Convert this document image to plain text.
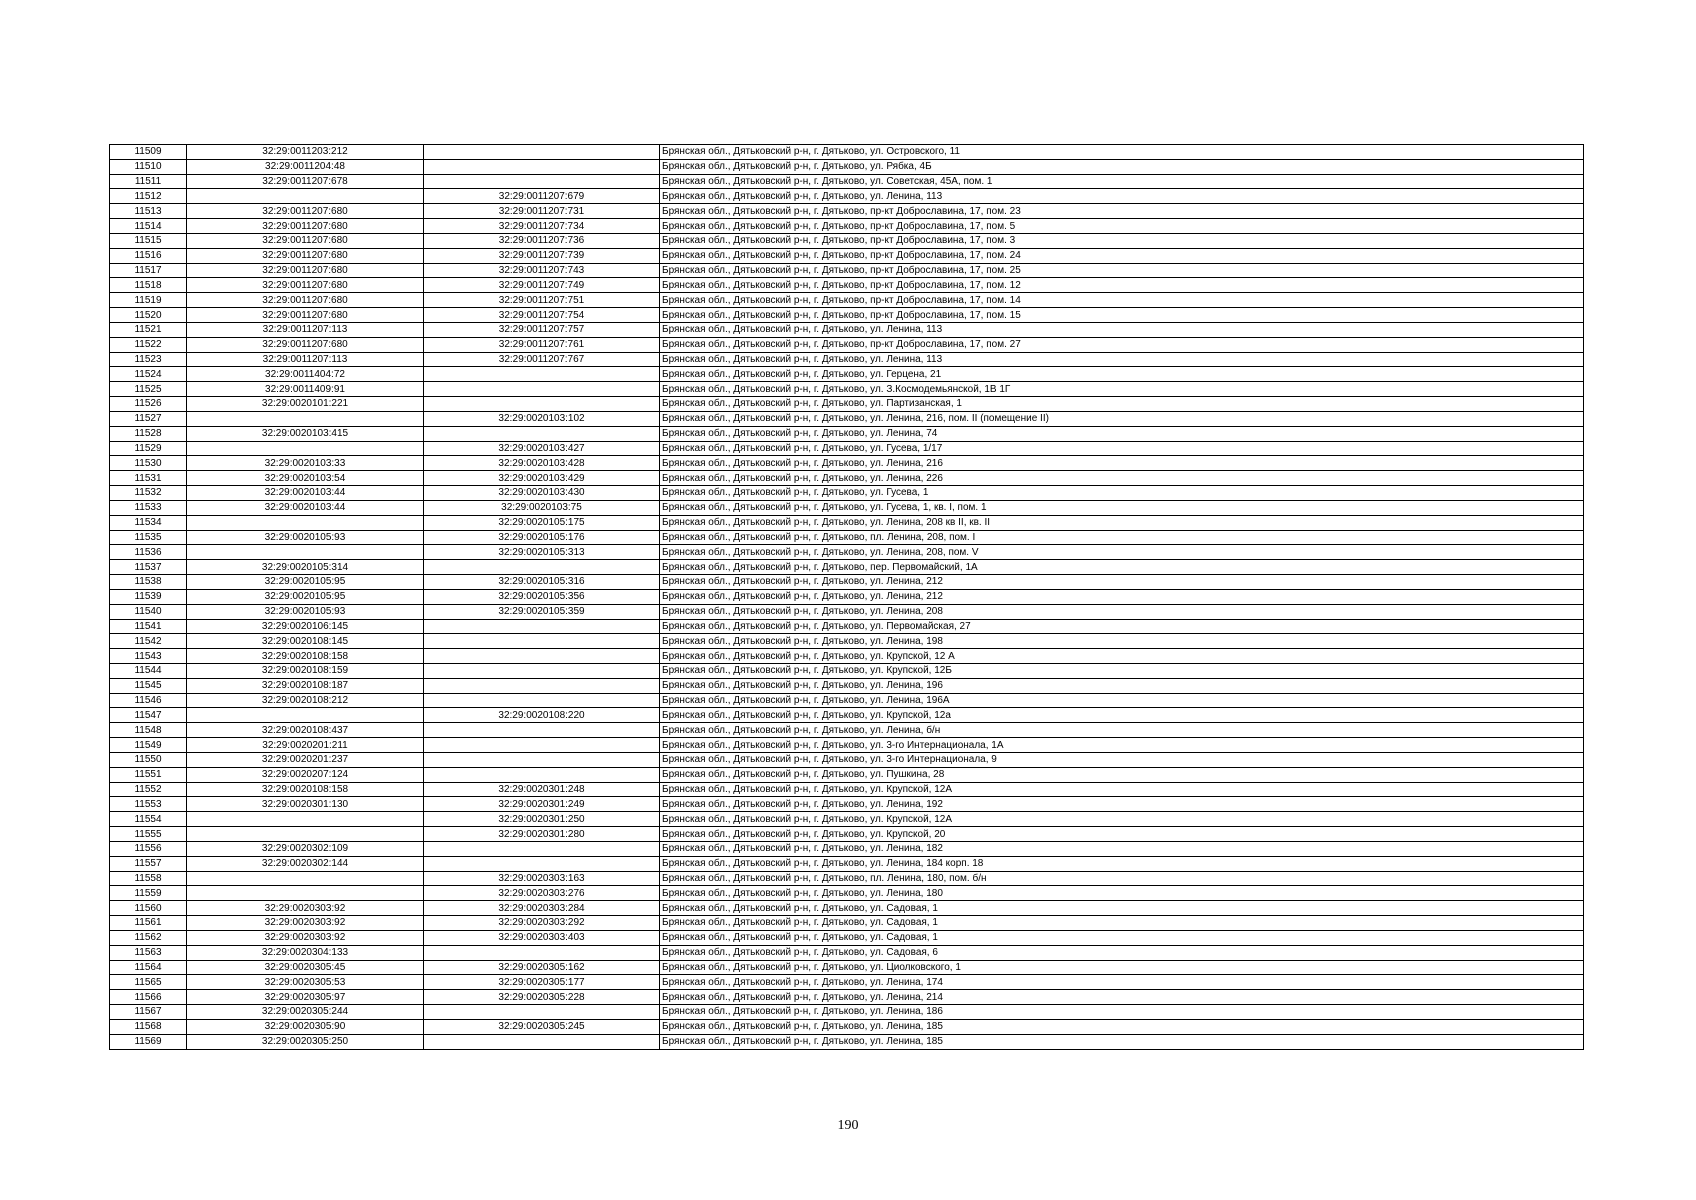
11509	32:29:0011203:212		Брянская обл., Дятьковский р-н, г. Дятьково, ул. Островского, 11
11510	32:29:0011204:48		Брянская обл., Дятьковский р-н, г. Дятьково, ул. Рябка, 4Б
11511	32:29:0011207:678		Брянская обл., Дятьковский р-н, г. Дятьково, ул. Советская, 45А, пом. 1
11512		32:29:0011207:679	Брянская обл., Дятьковский р-н, г. Дятьково, ул. Ленина, 113
11513	32:29:0011207:680	32:29:0011207:731	Брянская обл., Дятьковский р-н, г. Дятьково, пр-кт Доброславина, 17, пом. 23
11514	32:29:0011207:680	32:29:0011207:734	Брянская обл., Дятьковский р-н, г. Дятьково, пр-кт Доброславина, 17, пом. 5
11515	32:29:0011207:680	32:29:0011207:736	Брянская обл., Дятьковский р-н, г. Дятьково, пр-кт Доброславина, 17, пом. 3
11516	32:29:0011207:680	32:29:0011207:739	Брянская обл., Дятьковский р-н, г. Дятьково, пр-кт Доброславина, 17, пом. 24
11517	32:29:0011207:680	32:29:0011207:743	Брянская обл., Дятьковский р-н, г. Дятьково, пр-кт Доброславина, 17, пом. 25
11518	32:29:0011207:680	32:29:0011207:749	Брянская обл., Дятьковский р-н, г. Дятьково, пр-кт Доброславина, 17, пом. 12
11519	32:29:0011207:680	32:29:0011207:751	Брянская обл., Дятьковский р-н, г. Дятьково, пр-кт Доброславина, 17, пом. 14
11520	32:29:0011207:680	32:29:0011207:754	Брянская обл., Дятьковский р-н, г. Дятьково, пр-кт Доброславина, 17, пом. 15
11521	32:29:0011207:113	32:29:0011207:757	Брянская обл., Дятьковский р-н, г. Дятьково, ул. Ленина, 113
11522	32:29:0011207:680	32:29:0011207:761	Брянская обл., Дятьковский р-н, г. Дятьково, пр-кт Доброславина, 17, пом. 27
11523	32:29:0011207:113	32:29:0011207:767	Брянская обл., Дятьковский р-н, г. Дятьково, ул. Ленина, 113
11524	32:29:0011404:72		Брянская обл., Дятьковский р-н, г. Дятьково, ул. Герцена, 21
11525	32:29:0011409:91		Брянская обл., Дятьковский р-н, г. Дятьково, ул. З.Космодемьянской, 1В 1Г
11526	32:29:0020101:221		Брянская обл., Дятьковский р-н, г. Дятьково, ул. Партизанская, 1
11527		32:29:0020103:102	Брянская обл., Дятьковский р-н, г. Дятьково, ул. Ленина, 216, пом. II (помещение II)
11528	32:29:0020103:415		Брянская обл., Дятьковский р-н, г. Дятьково, ул. Ленина, 74
11529		32:29:0020103:427	Брянская обл., Дятьковский р-н, г. Дятьково, ул. Гусева, 1/17
11530	32:29:0020103:33	32:29:0020103:428	Брянская обл., Дятьковский р-н, г. Дятьково, ул. Ленина, 216
11531	32:29:0020103:54	32:29:0020103:429	Брянская обл., Дятьковский р-н, г. Дятьково, ул. Ленина, 226
11532	32:29:0020103:44	32:29:0020103:430	Брянская обл., Дятьковский р-н, г. Дятьково, ул. Гусева, 1
11533	32:29:0020103:44	32:29:0020103:75	Брянская обл., Дятьковский р-н, г. Дятьково, ул. Гусева, 1, кв. I, пом. 1
11534		32:29:0020105:175	Брянская обл., Дятьковский р-н, г. Дятьково, ул. Ленина, 208 кв II, кв. II
11535	32:29:0020105:93	32:29:0020105:176	Брянская обл., Дятьковский р-н, г. Дятьково, пл. Ленина, 208, пом. I
11536		32:29:0020105:313	Брянская обл., Дятьковский р-н, г. Дятьково, ул. Ленина, 208, пом. V
11537	32:29:0020105:314		Брянская обл., Дятьковский р-н, г. Дятьково, пер. Первомайский, 1А
11538	32:29:0020105:95	32:29:0020105:316	Брянская обл., Дятьковский р-н, г. Дятьково, ул. Ленина, 212
11539	32:29:0020105:95	32:29:0020105:356	Брянская обл., Дятьковский р-н, г. Дятьково, ул. Ленина, 212
11540	32:29:0020105:93	32:29:0020105:359	Брянская обл., Дятьковский р-н, г. Дятьково, ул. Ленина, 208
11541	32:29:0020106:145		Брянская обл., Дятьковский р-н, г. Дятьково, ул. Первомайская, 27
11542	32:29:0020108:145		Брянская обл., Дятьковский р-н, г. Дятьково, ул. Ленина, 198
11543	32:29:0020108:158		Брянская обл., Дятьковский р-н, г. Дятьково, ул. Крупской, 12 А
11544	32:29:0020108:159		Брянская обл., Дятьковский р-н, г. Дятьково, ул. Крупской, 12Б
11545	32:29:0020108:187		Брянская обл., Дятьковский р-н, г. Дятьково, ул. Ленина, 196
11546	32:29:0020108:212		Брянская обл., Дятьковский р-н, г. Дятьково, ул. Ленина, 196А
11547		32:29:0020108:220	Брянская обл., Дятьковский р-н, г. Дятьково, ул. Крупской, 12а
11548	32:29:0020108:437		Брянская обл., Дятьковский р-н, г. Дятьково, ул. Ленина, б/н
11549	32:29:0020201:211		Брянская обл., Дятьковский р-н, г. Дятьково, ул. 3-го Интернационала, 1А
11550	32:29:0020201:237		Брянская обл., Дятьковский р-н, г. Дятьково, ул. 3-го Интернационала, 9
11551	32:29:0020207:124		Брянская обл., Дятьковский р-н, г. Дятьково, ул. Пушкина, 28
11552	32:29:0020108:158	32:29:0020301:248	Брянская обл., Дятьковский р-н, г. Дятьково, ул. Крупской, 12А
11553	32:29:0020301:130	32:29:0020301:249	Брянская обл., Дятьковский р-н, г. Дятьково, ул. Ленина, 192
11554		32:29:0020301:250	Брянская обл., Дятьковский р-н, г. Дятьково, ул. Крупской, 12А
11555		32:29:0020301:280	Брянская обл., Дятьковский р-н, г. Дятьково, ул. Крупской, 20
11556	32:29:0020302:109		Брянская обл., Дятьковский р-н, г. Дятьково, ул. Ленина, 182
11557	32:29:0020302:144		Брянская обл., Дятьковский р-н, г. Дятьково, ул. Ленина, 184 корп. 18
11558		32:29:0020303:163	Брянская обл., Дятьковский р-н, г. Дятьково, пл. Ленина, 180, пом. б/н
11559		32:29:0020303:276	Брянская обл., Дятьковский р-н, г. Дятьково, ул. Ленина, 180
11560	32:29:0020303:92	32:29:0020303:284	Брянская обл., Дятьковский р-н, г. Дятьково, ул. Садовая, 1
11561	32:29:0020303:92	32:29:0020303:292	Брянская обл., Дятьковский р-н, г. Дятьково, ул. Садовая, 1
11562	32:29:0020303:92	32:29:0020303:403	Брянская обл., Дятьковский р-н, г. Дятьково, ул. Садовая, 1
11563	32:29:0020304:133		Брянская обл., Дятьковский р-н, г. Дятьково, ул. Садовая, 6
11564	32:29:0020305:45	32:29:0020305:162	Брянская обл., Дятьковский р-н, г. Дятьково, ул. Циолковского, 1
11565	32:29:0020305:53	32:29:0020305:177	Брянская обл., Дятьковский р-н, г. Дятьково, ул. Ленина, 174
11566	32:29:0020305:97	32:29:0020305:228	Брянская обл., Дятьковский р-н, г. Дятьково, ул. Ленина, 214
11567	32:29:0020305:244		Брянская обл., Дятьковский р-н, г. Дятьково, ул. Ленина, 186
11568	32:29:0020305:90	32:29:0020305:245	Брянская обл., Дятьковский р-н, г. Дятьково, ул. Ленина, 185
11569	32:29:0020305:250		Брянская обл., Дятьковский р-н, г. Дятьково, ул. Ленина, 185
190
